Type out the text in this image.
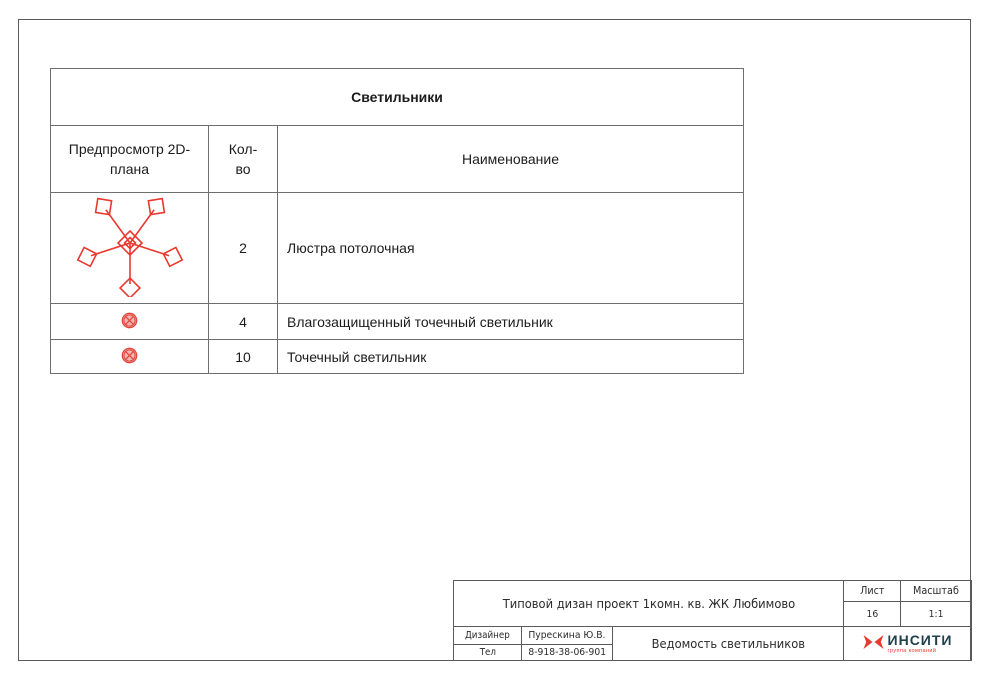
Светильники		
Предпросмотр 2D-плана	Кол-во	Наименование
	2	Люстра потолочная
	4	Влагозащищенный точечный светильник
	10	Точечный светильник
Типовой дизан проект 1комн. кв. ЖК Любимово
Лист	Масштаб
16	1:1
Дизайнер Пурескина Ю.В.
Тел	8-918-38-06-901
Ведомость светильников	ИНСИТИ
группа компаний
